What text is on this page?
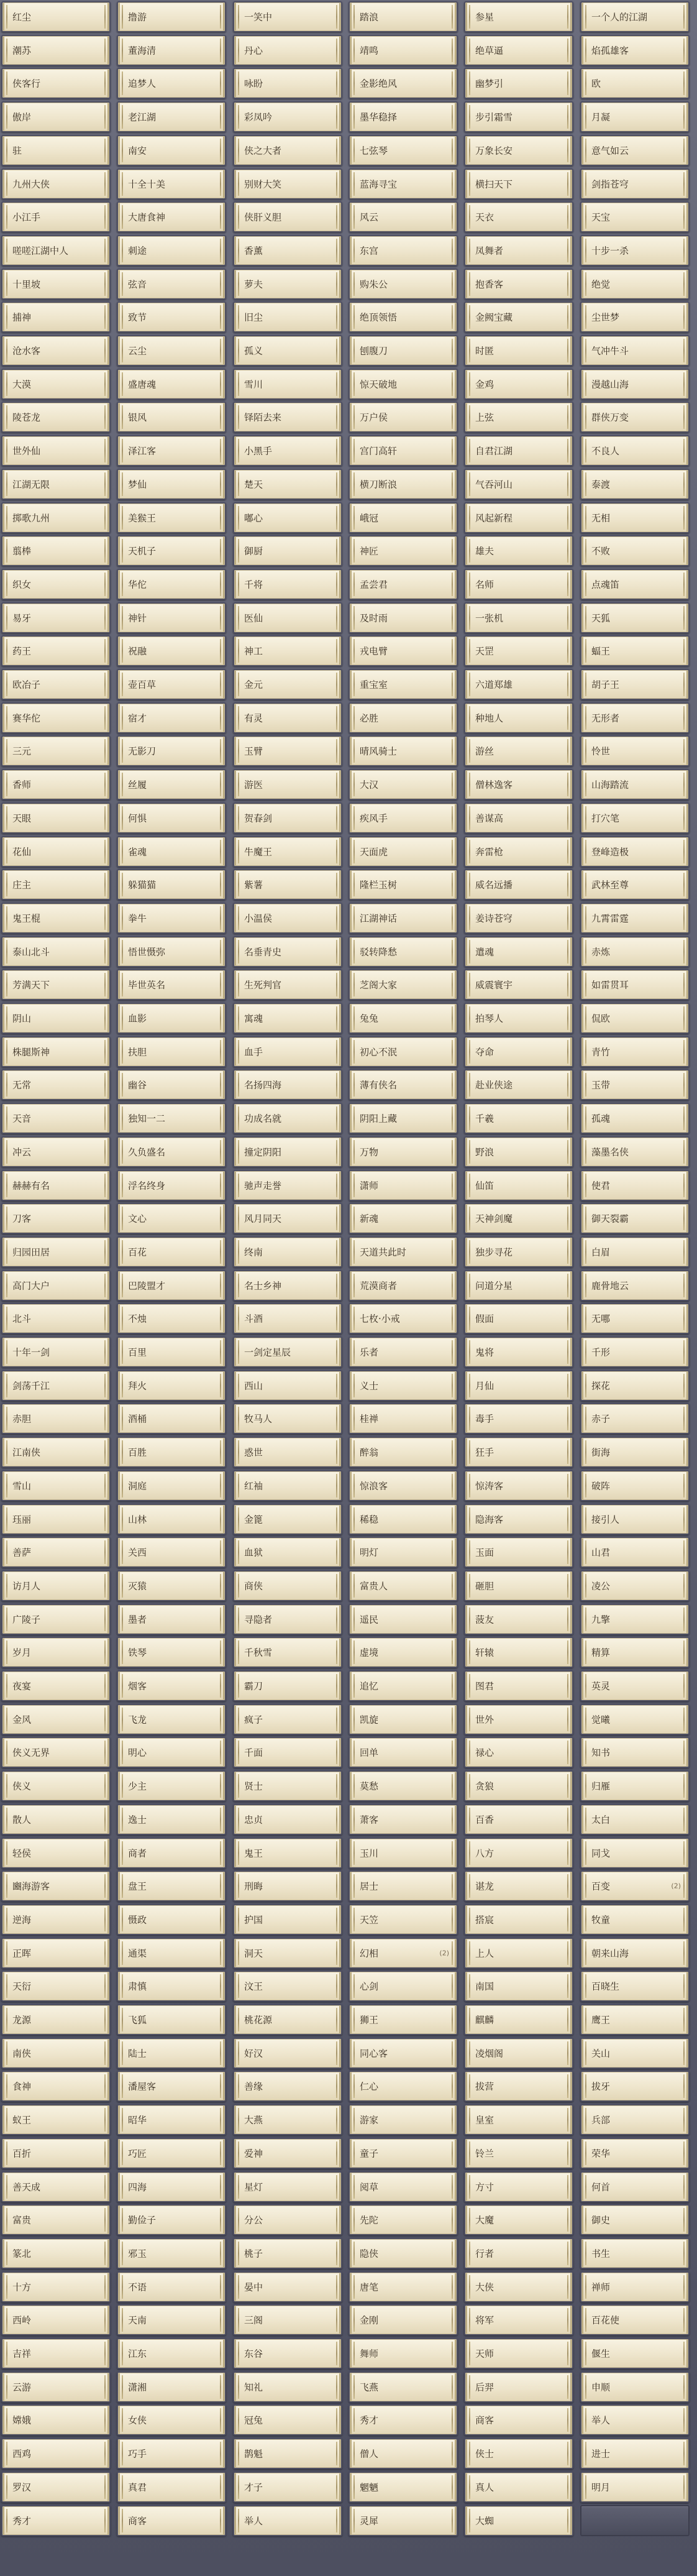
红尘	撸游	一笑中	踏浪	参星	一个人的江湖
潮苏	董海清	丹心	靖鸣	绝草逼	焰孤雄客
侠客行	追梦人	咏盼	金影绝风	幽梦引	欧
傲岸	老江湖	彩凤吟	墨华稳择	步引霜雪	月凝
驻	南安	侠之大者	七弦琴	万象长安	意气如云
九州大侠	十全十美	别财大笑	蓝海寻宝	横扫天下	剑指苍穹
小江手	大唐食神	侠肝义胆	风云	天衣	天宝
嗟嗟江湖中人	刺途	香薰	东宫	凤舞者	十步一杀
十里坡	弦音	萝夫	购朱公	抱香客	绝觉
捕神	致节	旧尘	绝顶领悟	金阙宝藏	尘世梦
沧水客	云尘	孤义	刨腹刀	时匿	气冲牛斗
大漠	盛唐魂	雪川	惊天破地	金鸡	漫越山海
陵苍龙	银风	铎陌去来	万户侯	上弦	群侠万变
世外仙	泽江客	小黑手	宫门高轩	自君江湖	不良人
江湖无限	梦仙	楚天	横刀断浪	气吞河山	泰渡
掷歌九州	美猴王	嘟心	峨冠	风起新程	无相
翦棒	天机子	御厨	神匠	雄夫	不败
织女	华佗	千将	孟尝君	名师	点魂笛
易牙	神针	医仙	及时雨	一张机	天狐
药王	祝融	神工	戎电臂	天罡	蝠王
欧冶子	壶百草	金元	重宝室	六道郑雄	胡子王
赛华佗	宿才	有灵	必胜	种地人	无形者
三元	无影刀	玉臂	晴风骑士	游丝	怜世
香师	丝履	游医	大汉	僧林逸客	山海踏流
天眼	何惧	贺春剑	疾风手	善谋高	打穴笔
花仙	雀魂	牛魔王	天面虎	奔雷枪	登峰造极
庄主	躲猫猫	紫薯	隆栏玉树	威名远播	武林至尊
鬼王棍	拳牛	小温侯	江湖神话	姜诗苍穹	九霄雷霆
泰山北斗	悟世慑弥	名垂青史	驳转降愁	遣魂	赤炼
芳满天下	毕世英名	生死判官	芝阁大家	威震寰宇	如雷贯耳
阴山	血影	寓魂	兔兔	拍琴人	侃欧
株腿斯神	扶胆	血手	初心不泯	夺命	青竹
无常	幽谷	名扬四海	薄有侠名	赴业侠途	玉带
天音	独知一二	功成名就	阴阳上藏	千羲	孤魂
冲云	久负盛名	撞定阴阳	万物	野浪	藻墨名侠
赫赫有名	浮名终身	驰声走誉	潇师	仙笛	使君
刀客	文心	风月同天	新魂	天神剑魔	御天裂霸
归园田居	百花	终南	天道共此时	独步寻花	白眉
高门大户	巴陵盟才	名士乡神	荒漠商者	问道分星	鹿骨地云
北斗	不烛	斗酒	七枚·小戒	假面	无哪
十年一剑	百里	一剑定星辰	乐者	鬼将	千形
剑荡千江	拜火	西山	义士	月仙	探花
赤胆	酒桶	牧马人	桂禅	毒手	赤子
江南侠	百胜	惑世	醉翁	狂手	街海
雪山	洞庭	红袖	惊浪客	惊涛客	破阵
珏丽	山林	金篦	稀稳	隐海客	接引人
善萨	关西	血狱	明灯	玉面	山君
访月人	灭猿	商侠	富贵人	砸胆	凌公
广陵子	墨者	寻隐者	遥民	菠友	九擎
岁月	铁琴	千秋雪	虚境	轩辕	精算
夜宴	烟客	霸刀	追忆	图君	英灵
金风	飞龙	疯子	凯旋	世外	觉曦
侠义无界	明心	千面	回单	禄心	知书
侠义	少主	贤士	莫愁	贪狼	归雁
散人	逸士	忠贞	萧客	百香	太白
轻侯	商者	鬼王	玉川	八方	同戈
豳海游客	盘王	刑晦	居士	谌龙	百变	(2)
逆海	慑政	护国	天笠	搭宸	牧童
正晖	通渠	洞天	幻相	(2)	上人	朝来山海
天衍	肃慎	汶王	心剑	南国	百晓生
龙源	飞狐	桃花源	狮王	麒麟	鹰王
南侠	陆士	好汉	同心客	凌烟阁	关山
食神	潘屋客	善缘	仁心	拔营	拔牙
蚁王	昭华	大燕	游家	皇室	兵部
百折	巧匠	爱神	童子	铃兰	荣华
善天成	四海	星灯	阅草	方寸	何首
富贵	勤俭子	分公	先陀	大魔	御史
篆北	邪玉	桃子	隐侠	行者	书生
十方	不语	晏中	唐笔	大侠	禅师
西岭	天南	三阁	金刚	将军	百花使
吉祥	江东	东谷	舞师	天师	偃生
云游	潇湘	知礼	飞燕	后羿	申顺
嫦娥	女侠	冠兔	秀才	商客	举人
西鸡	巧手	鹊魁	僧人	侠士	进士
罗汉	真君	才子	魍魉	真人	明月
秀才	商客	举人	灵犀	大蜘
